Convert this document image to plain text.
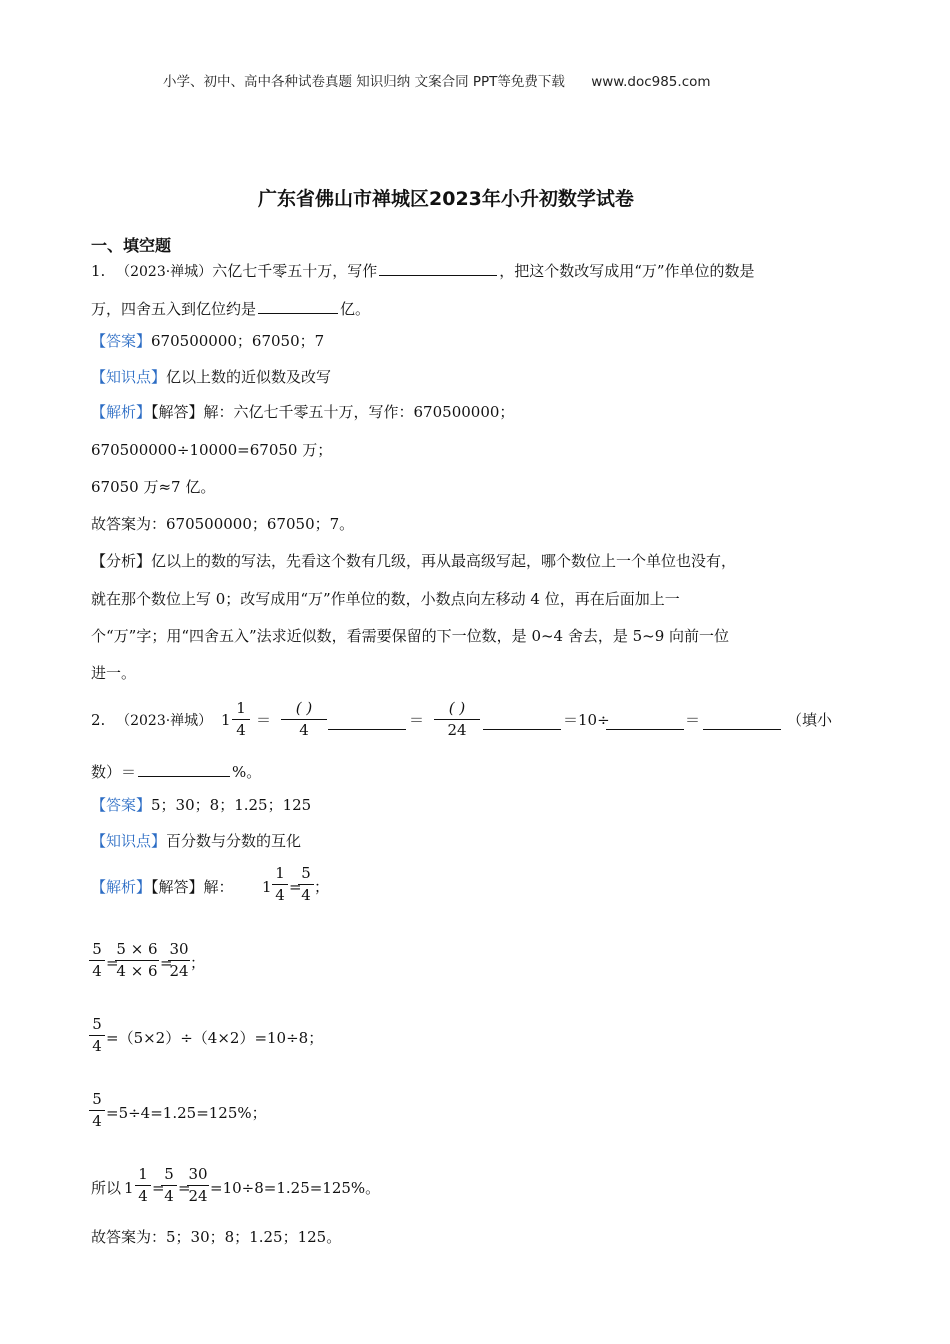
小学、初中、高中各种试卷真题 知识归纳 文案合同 PPT等免费下载 www.doc985.com
广东省佛山市禅城区2023年小升初数学试卷
一、填空题
1. （2023·禅城）六亿七千零五十万，写作	，把这个数改写成用“万”作单位的数是
万，四舍五入到亿位约是	亿。
【答案】670500000；67050；7
【知识点】亿以上数的近似数及改写
【解析】【解答】解：六亿七千零五十万，写作：670500000；
670500000÷10000=67050 万；
67050 万≈7 亿。
故答案为：670500000；67050；7。
【分析】亿以上的数的写法，先看这个数有几级，再从最高级写起，哪个数位上一个单位也没有，
就在那个数位上写 0；改写成用“万”作单位的数，小数点向左移动 4 位，再在后面加上一
个“万”字；用“四舍五入”法求近似数，看需要保留的下一位数，是 0~4 舍去，是 5~9 向前一位
进一。
2. （2023·禅城） 1
1
4
＝
( )
4
＝
( )
24
＝10÷	＝	（填小
数）＝	%。
【答案】5；30；8；1.25；125
【知识点】百分数与分数的互化
【解析】【解答】解： 1
1
4 =
5
4 ；
5
4 =
5 × 6
4 × 6 =
30
24 ；
5
4 =（5×2）÷（4×2）=10÷8；
5
4 =5÷4=1.25=125%；
所以 1
1
4 =
5
4 =
30
24 =10÷8=1.25=125%。
故答案为：5；30；8；1.25；125。
